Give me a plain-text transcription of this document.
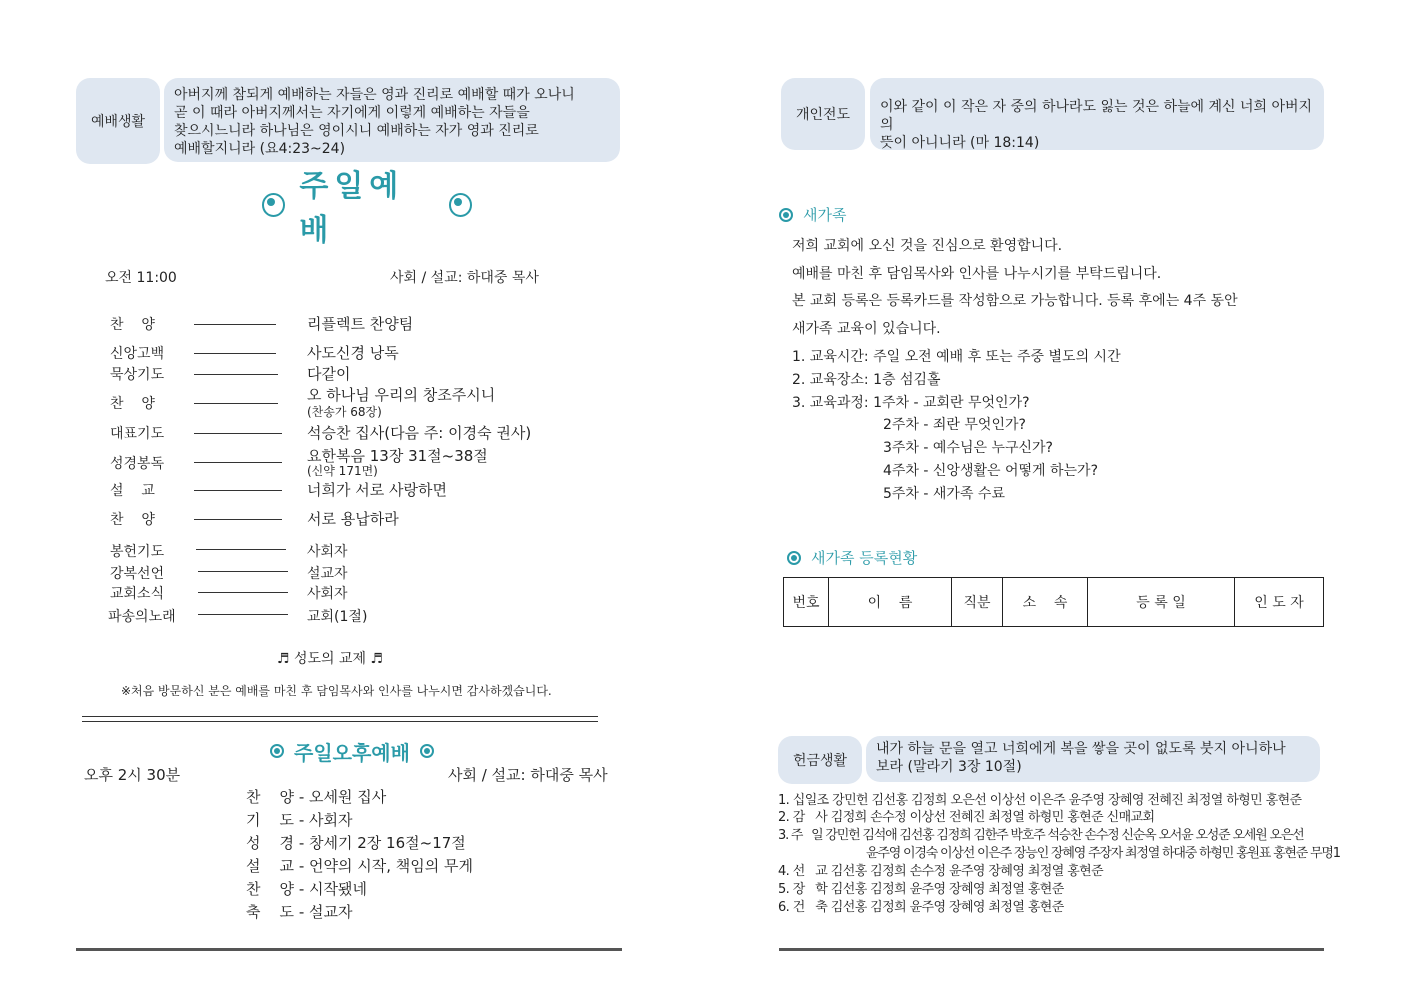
예배생활
아버지께 참되게 예배하는 자들은 영과 진리로 예배할 때가 오나니
곧 이 때라 아버지께서는 자기에게 이렇게 예배하는 자들을
찾으시느니라 하나님은 영이시니 예배하는 자가 영과 진리로
예배할지니라 (요4:23~24)
주일예배
오전 11:00	사회 / 설교: 하대중 목사
찬    양	리플렉트 찬양팀
신앙고백	사도신경 낭독
묵상기도	다같이
찬    양	오 하나님 우리의 창조주시니
(찬송가 68장)
대표기도	석승찬 집사(다음 주: 이경숙 권사)
성경봉독	요한복음 13장 31절~38절
(신약 171면)
설    교	너희가 서로 사랑하면
찬    양	서로 용납하라
봉헌기도	사회자
강복선언	설교자
교회소식	사회자
파송의노래	교회(1절)
♬ 성도의 교제 ♬
※처음 방문하신 분은 예배를 마친 후 담임목사와 인사를 나누시면 감사하겠습니다.
주일오후예배
오후 2시 30분	사회 / 설교: 하대중 목사
찬    양 - 오세원 집사
기    도 - 사회자
성    경 - 창세기 2장 16절~17절
설    교 - 언약의 시작, 책임의 무게
찬    양 - 시작됐네
축    도 - 설교자
개인전도	이와 같이 이 작은 자 중의 하나라도 잃는 것은 하늘에 계신 너희 아버지의
뜻이 아니니라 (마 18:14)
새가족
저희 교회에 오신 것을 진심으로 환영합니다.
예배를 마친 후 담임목사와 인사를 나누시기를 부탁드립니다.
본 교회 등록은 등록카드를 작성함으로 가능합니다. 등록 후에는 4주 동안
새가족 교육이 있습니다.
1. 교육시간: 주일 오전 예배 후 또는 주중 별도의 시간
2. 교육장소: 1층 섬김홀
3. 교육과정: 1주차 - 교회란 무엇인가?
2주차 - 죄란 무엇인가?
3주차 - 예수님은 누구신가?
4주차 - 신앙생활은 어떻게 하는가?
5주차 - 새가족 수료
새가족 등록현황
번호	이    름	직분	소    속	등 록 일	인 도 자
헌금생활
내가 하늘 문을 열고 너희에게 복을 쌓을 곳이 없도록 붓지 아니하나
보라 (말라기 3장 10절)
1. 십일조 강민헌 김선홍 김정희 오은선 이상선 이은주 윤주영 장혜영 전혜진 최정열 하형민 홍현준
2. 감   사 김정희 손수정 이상선 전혜진 최정열 하형민 홍현준 신매교회
3. 주   일 강민헌 김석애 김선홍 김정희 김한주 박호주 석승찬 손수정 신순옥 오서윤 오성준 오세원 오은선
윤주영 이경숙 이상선 이은주 장능인 장혜영 주장자 최정열 하대중 하형민 홍원표 홍현준 무명1
4. 선   교 김선홍 김정희 손수정 윤주영 장혜영 최정열 홍현준
5. 장   학 김선홍 김정희 윤주영 장혜영 최정열 홍현준
6. 건   축 김선홍 김정희 윤주영 장혜영 최정열 홍현준
